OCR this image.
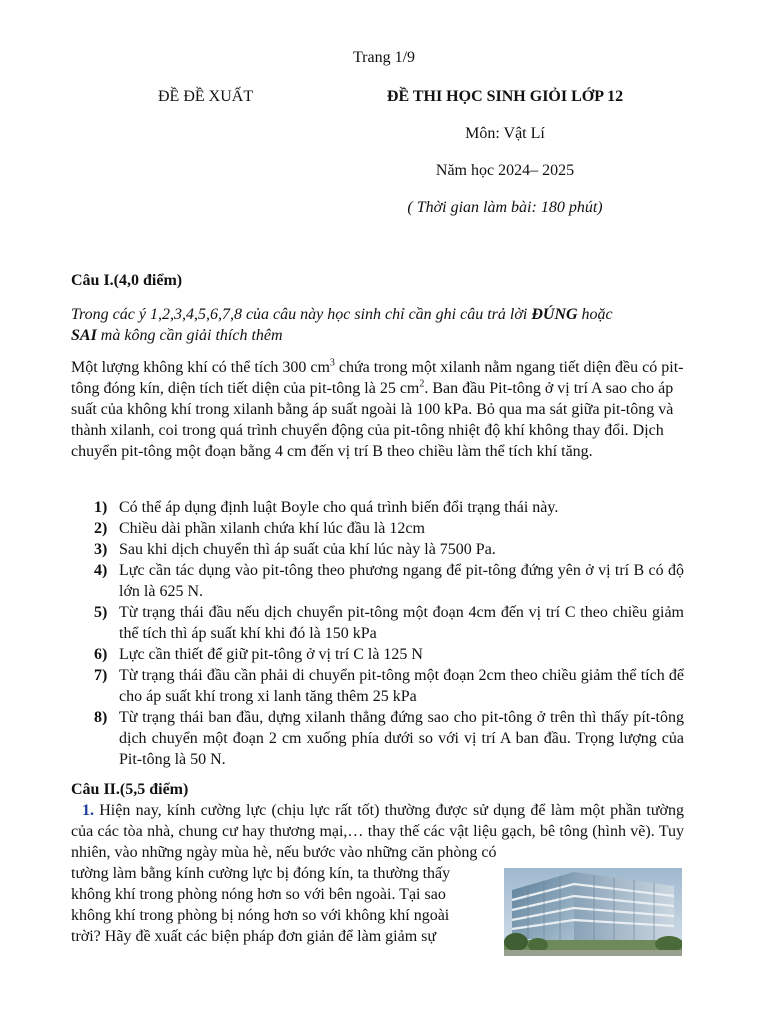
Trang 1/9
ĐỀ ĐỀ XUẤT	ĐỀ THI HỌC SINH GIỎI LỚP 12
Môn: Vật Lí
Năm học 2024– 2025
( Thời gian làm bài: 180 phút)
Câu I.(4,0 điểm)
Trong các ý 1,2,3,4,5,6,7,8 của câu này học sinh chỉ cần ghi câu trả lời ĐÚNG hoặc
SAI mà kông cần giải thích thêm
Một lượng không khí có thể tích 300 $cm^3$ chứa trong một xilanh nằm ngang tiết diện đều có pit-tông đóng kín, diện tích tiết diện của pit-tông là 25 $cm^2$. Ban đầu Pit-tông ở vị trí A sao cho áp suất của không khí trong xilanh bằng áp suất ngoài là 100 kPa. Bỏ qua ma sát giữa pit-tông và thành xilanh, coi trong quá trình chuyển động của pit-tông nhiệt độ khí không thay đổi. Dịch chuyển pit-tông một đoạn bằng 4 cm đến vị trí B theo chiều làm thể tích khí tăng.
1) Có thể áp dụng định luật Boyle cho quá trình biến đổi trạng thái này.
2) Chiều dài phần xilanh chứa khí lúc đầu là 12cm
3) Sau khi dịch chuyển thì áp suất của khí lúc này là 7500 Pa.
4) Lực cần tác dụng vào pit-tông theo phương ngang để pit-tông đứng yên ở vị trí B có độ lớn là 625 N.
5) Từ trạng thái đầu nếu dịch chuyển pit-tông một đoạn 4cm đến vị trí C theo chiều giảm thể tích thì áp suất khí khi đó là 150 kPa
6) Lực cần thiết để giữ pit-tông ở vị trí C là 125 N
7) Từ trạng thái đầu cần phải di chuyển pit-tông một đoạn 2cm theo chiều giảm thể tích để cho áp suất khí trong xi lanh tăng thêm 25 kPa
8) Từ trạng thái ban đầu, dựng xilanh thẳng đứng sao cho pit-tông ở trên thì thấy pít-tông dịch chuyển một đoạn 2 cm xuống phía dưới so với vị trí A ban đầu. Trọng lượng của Pit-tông là 50 N.
Câu II.(5,5 điểm)
1. Hiện nay, kính cường lực (chịu lực rất tốt) thường được sử dụng để làm một phần tường của các tòa nhà, chung cư hay thương mại,… thay thế các vật liệu gạch, bê tông (hình vẽ). Tuy nhiên, vào những ngày mùa hè, nếu bước vào những căn phòng có
tường làm bằng kính cường lực bị đóng kín, ta thường thấy
không khí trong phòng nóng hơn so với bên ngoài. Tại sao
không khí trong phòng bị nóng hơn so với không khí ngoài
trời? Hãy đề xuất các biện pháp đơn giản để làm giảm sự
